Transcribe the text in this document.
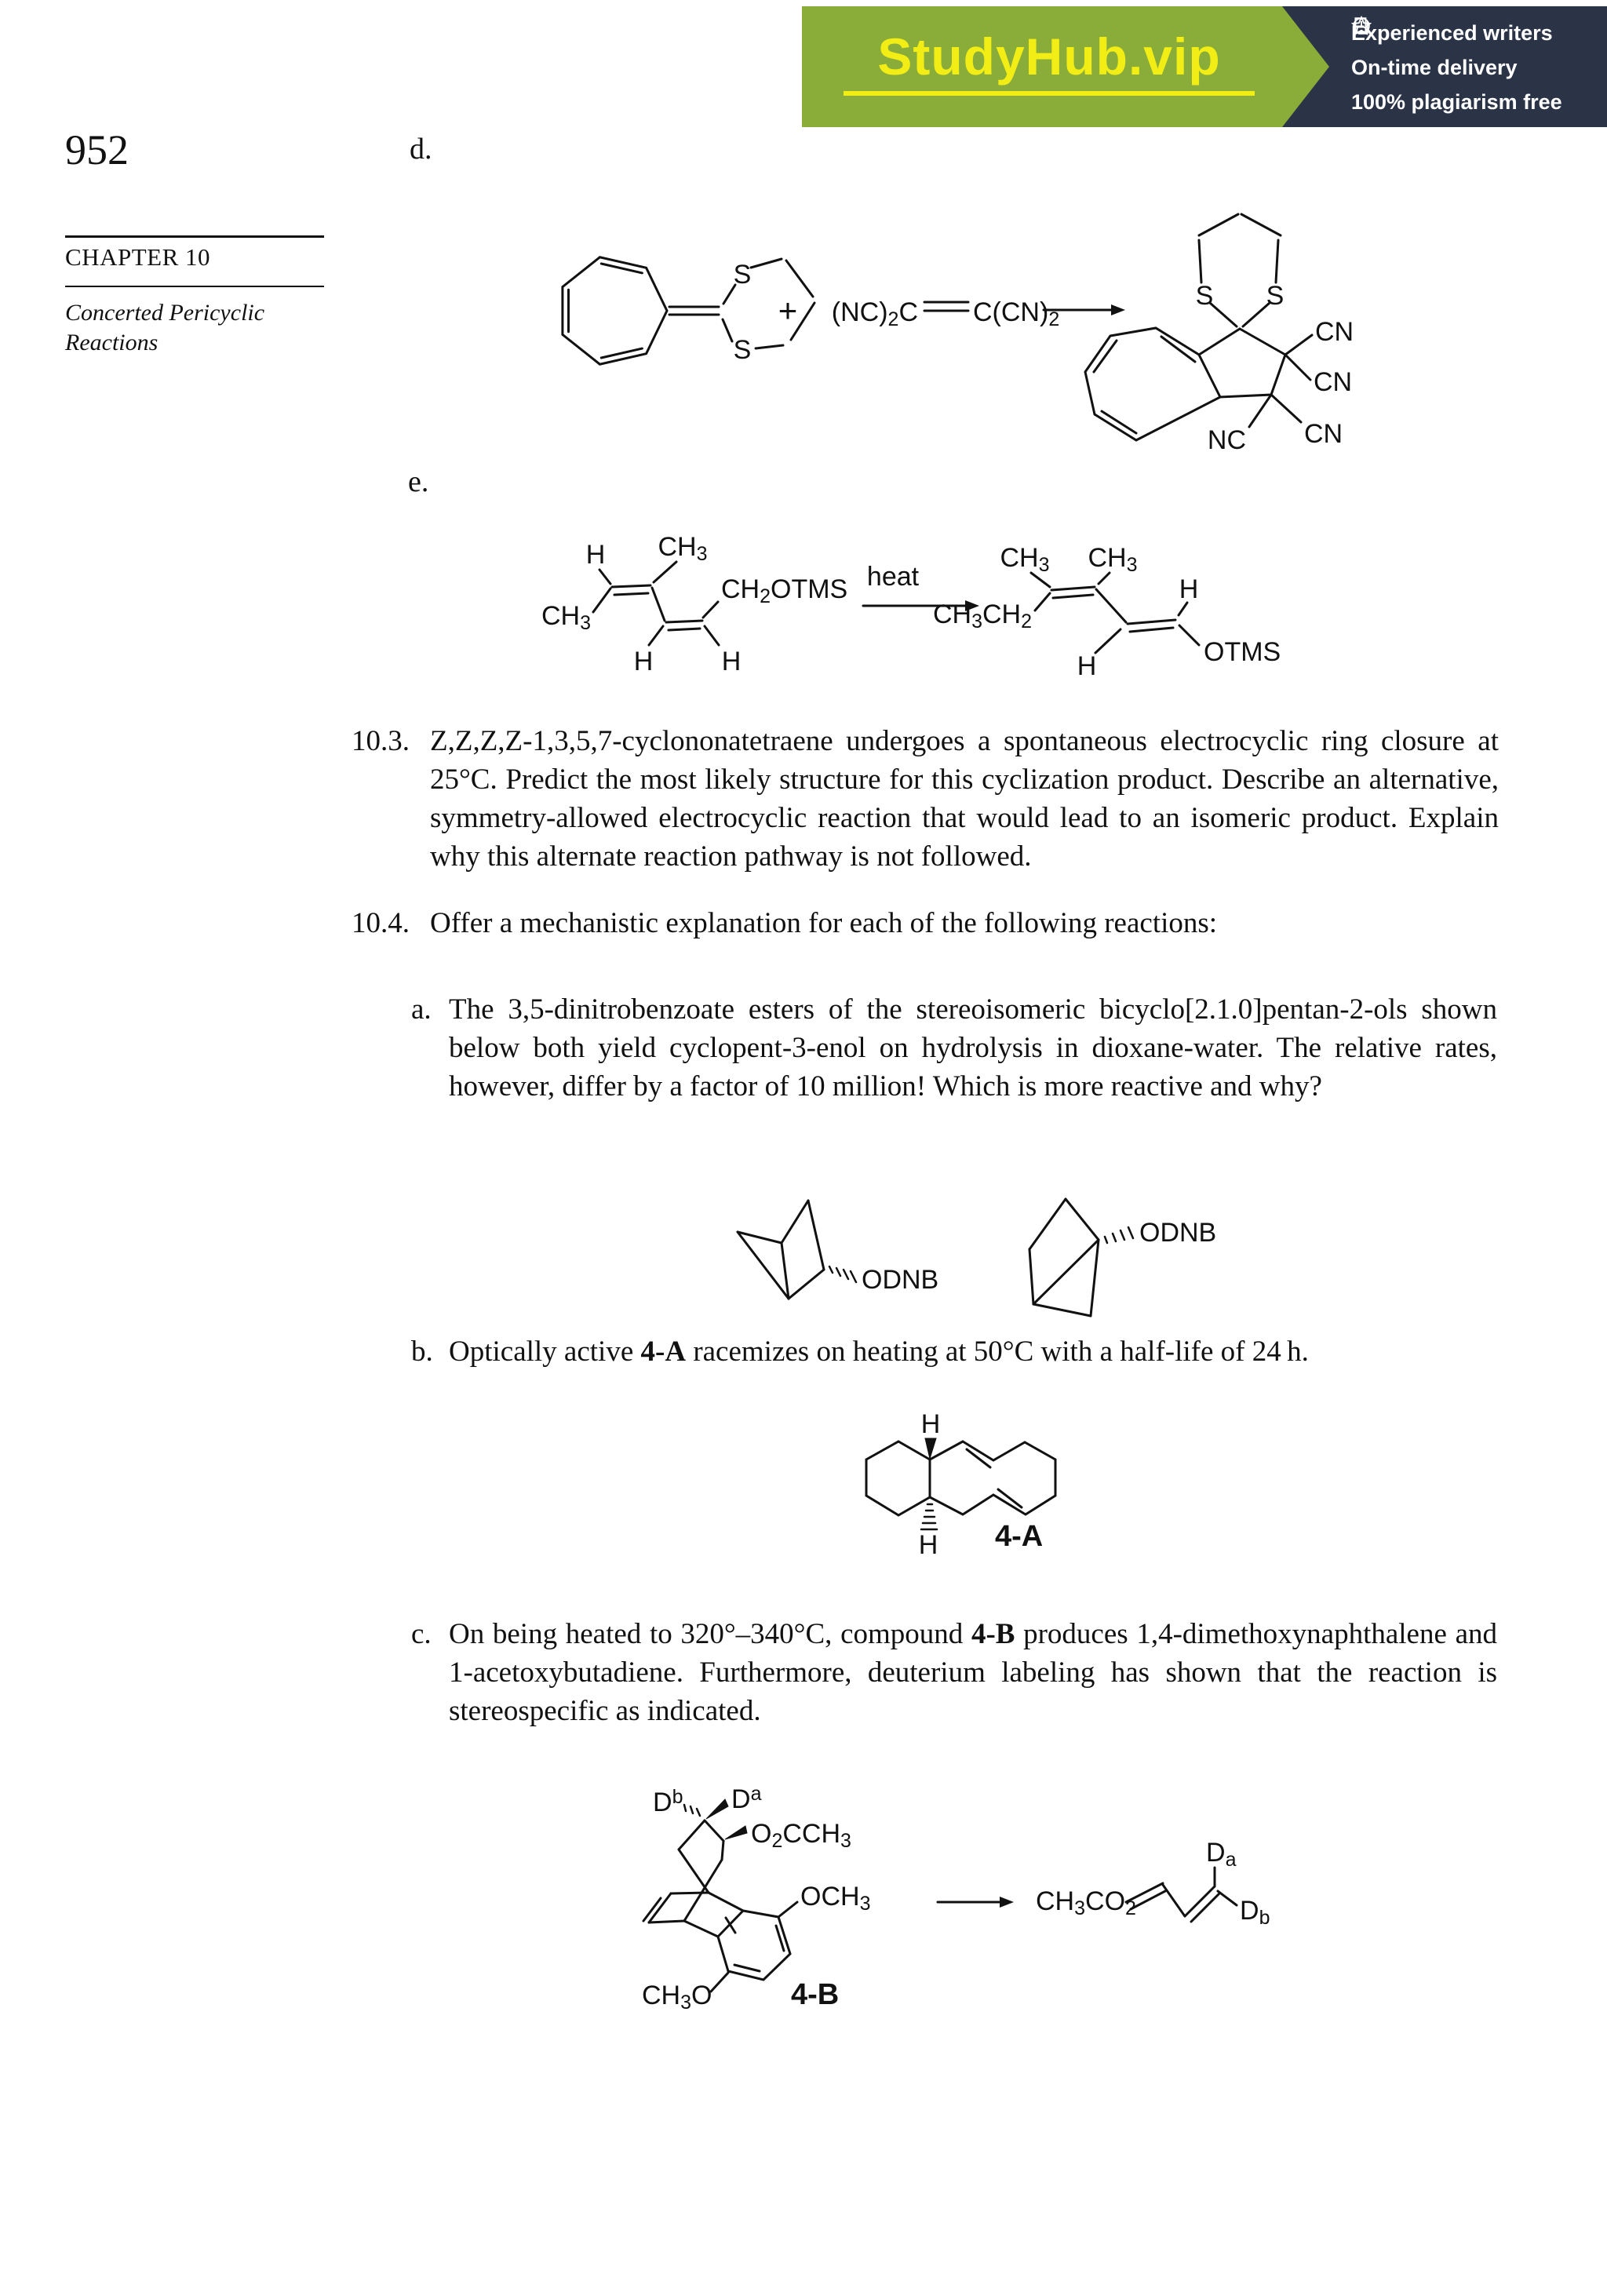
StudyHub.vip	Experienced writers
On-time delivery
100% plagiarism free
952
CHAPTER 10
Concerted Pericyclic Reactions
d.
S
S
+ (NC)2C C(CN)2
S S
CN
CN
NC CN
e.
H
CH3
CH3
H	H
CH2OTMS heat
CH3
CH3CH2
CH3
H
H
OTMS
10.3. Z,Z,Z,Z-1,3,5,7-cyclononatetraene undergoes a spontaneous electrocyclic ring closure at 25°C. Predict the most likely structure for this cyclization product. Describe an alternative, symmetry-allowed electrocyclic reaction that would lead to an isomeric product. Explain why this alternate reaction pathway is not followed.
10.4. Offer a mechanistic explanation for each of the following reactions:
a. The 3,5-dinitrobenzoate esters of the stereoisomeric bicyclo[2.1.0]pentan-2-ols shown below both yield cyclopent-3-enol on hydrolysis in dioxane-water. The relative rates, however, differ by a factor of 10 million! Which is more reactive and why?
ODNB
ODNB
b. Optically active 4-A racemizes on heating at 50°C with a half-life of 24 h.
H
H 4-A
c. On being heated to 320°–340°C, compound 4-B produces 1,4-dimethoxynaphthalene and 1-acetoxybutadiene. Furthermore, deuterium labeling has shown that the reaction is stereospecific as indicated.
Db Da
O2CCH3
OCH3
CH3O	4-B
CH3CO2
Da
Db
